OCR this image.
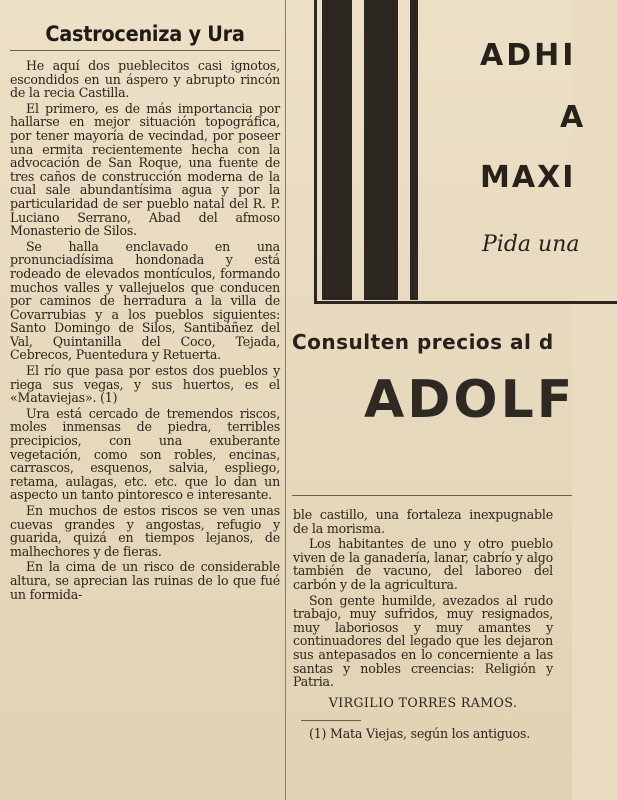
Castroceniza y Ura

He aquí dos pueblecitos casi ignotos, escondidos en un áspero y abrupto rincón de la recia Castilla.

El primero, es de más importancia por hallarse en mejor situación topográfica, por tener mayoría de vecindad, por poseer una ermita recientemente hecha con la advocación de San Roque, una fuente de tres caños de construcción moderna de la cual sale abundantísima agua y por la particularidad de ser pueblo natal del R. P. Luciano Serrano, Abad del afmoso Monasterio de Silos.

Se halla enclavado en una pronunciadísima hondonada y está rodeado de elevados montículos, formando muchos valles y vallejuelos que conducen por caminos de herradura a la villa de Covarrubias y a los pueblos siguientes: Santo Domingo de Silos, Santibáñez del Val, Quintanilla del Coco, Tejada, Cebrecos, Puentedura y Retuerta.

El río que pasa por estos dos pueblos y riega sus vegas, y sus huertos, es el «Mataviejas». (1)

Ura está cercado de tremendos riscos, moles inmensas de piedra, terribles precipicios, con una exuberante vegetación, como son robles, encinas, carrascos, esquenos, salvia, espliego, retama, aulagas, etc. etc. que lo dan un aspecto un tanto pintoresco e interesante.

En muchos de estos riscos se ven unas cuevas grandes y angostas, refugio y guarida, quizá en tiempos lejanos, de malhechores y de fieras.

En la cima de un risco de considerable altura, se aprecian las ruinas de lo que fué un formida-

ADHI
A
MAXI
Pida una
Consulten precios al d
ADOLF

ble castillo, una fortaleza inexpugnable de la morisma.

Los habitantes de uno y otro pueblo viven de la ganadería, lanar, cabrío y algo también de vacuno, del laboreo del carbón y de la agricultura.

Son gente humilde, avezados al rudo trabajo, muy sufridos, muy resignados, muy laboriosos y muy amantes y continuadores del legado que les dejaron sus antepasados en lo concerniente a las santas y nobles creencias: Religión y Patria.

VIRGILIO TORRES RAMOS.

(1) Mata Viejas, según los antiguos.
